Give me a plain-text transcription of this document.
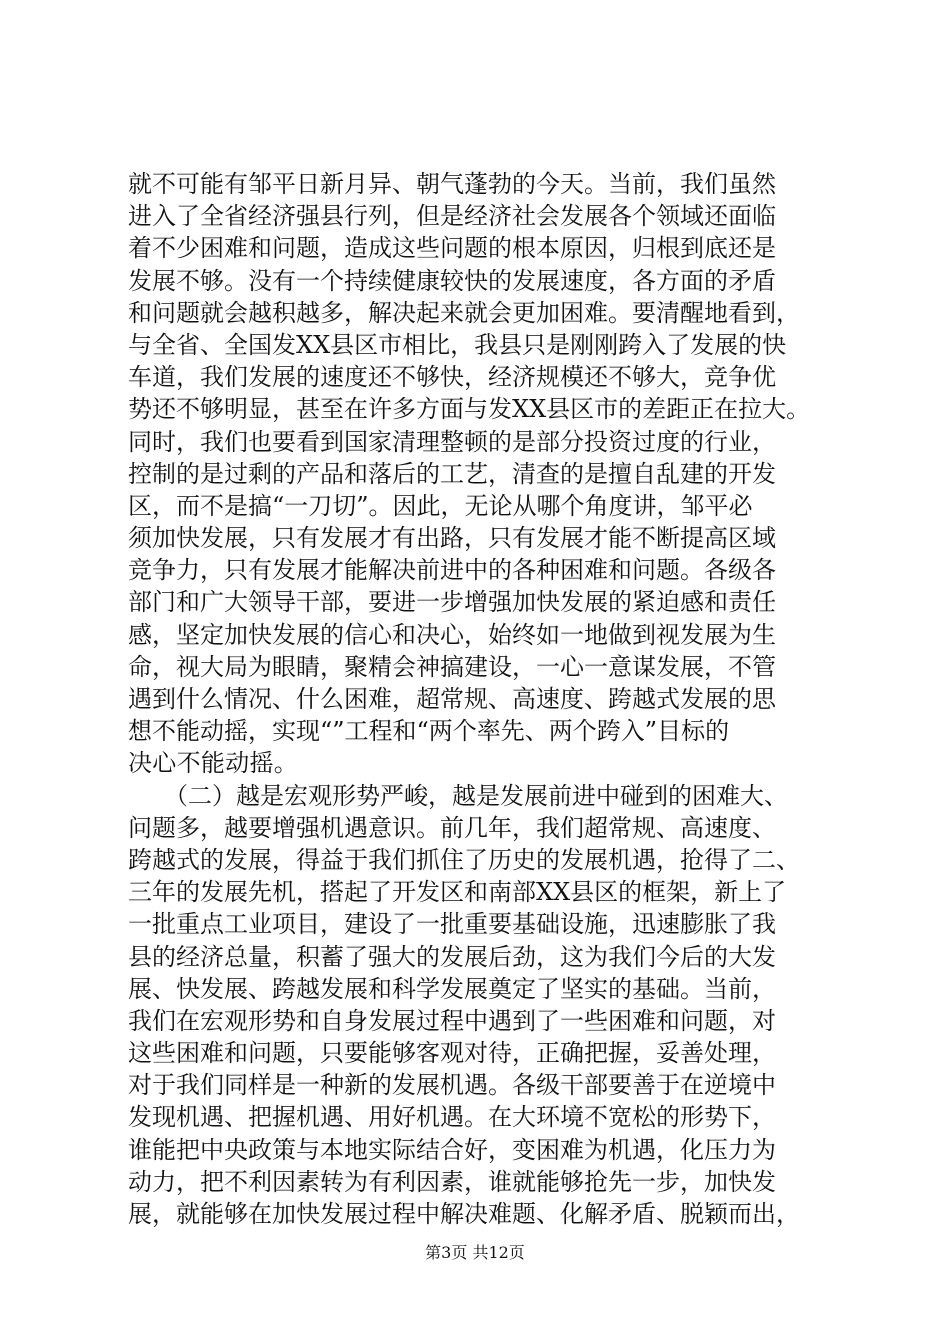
就不可能有邹平日新月异、朝气蓬勃的今天。当前，我们虽然
进入了全省经济强县行列，但是经济社会发展各个领域还面临
着不少困难和问题，造成这些问题的根本原因，归根到底还是
发展不够。没有一个持续健康较快的发展速度，各方面的矛盾
和问题就会越积越多，解决起来就会更加困难。要清醒地看到，
与全省、全国发XX县区市相比，我县只是刚刚跨入了发展的快
车道，我们发展的速度还不够快，经济规模还不够大，竞争优
势还不够明显，甚至在许多方面与发XX县区市的差距正在拉大。
同时，我们也要看到国家清理整顿的是部分投资过度的行业，
控制的是过剩的产品和落后的工艺，清查的是擅自乱建的开发
区，而不是搞“一刀切”。因此，无论从哪个角度讲，邹平必
须加快发展，只有发展才有出路，只有发展才能不断提高区域
竞争力，只有发展才能解决前进中的各种困难和问题。各级各
部门和广大领导干部，要进一步增强加快发展的紧迫感和责任
感，坚定加快发展的信心和决心，始终如一地做到视发展为生
命，视大局为眼睛，聚精会神搞建设，一心一意谋发展，不管
遇到什么情况、什么困难，超常规、高速度、跨越式发展的思
想不能动摇，实现“”工程和“两个率先、两个跨入”目标的
决心不能动摇。
　　（二）越是宏观形势严峻，越是发展前进中碰到的困难大、
问题多，越要增强机遇意识。前几年，我们超常规、高速度、
跨越式的发展，得益于我们抓住了历史的发展机遇，抢得了二、
三年的发展先机，搭起了开发区和南部XX县区的框架，新上了
一批重点工业项目，建设了一批重要基础设施，迅速膨胀了我
县的经济总量，积蓄了强大的发展后劲，这为我们今后的大发
展、快发展、跨越发展和科学发展奠定了坚实的基础。当前，
我们在宏观形势和自身发展过程中遇到了一些困难和问题，对
这些困难和问题，只要能够客观对待，正确把握，妥善处理，
对于我们同样是一种新的发展机遇。各级干部要善于在逆境中
发现机遇、把握机遇、用好机遇。在大环境不宽松的形势下，
谁能把中央政策与本地实际结合好，变困难为机遇，化压力为
动力，把不利因素转为有利因素，谁就能够抢先一步，加快发
展，就能够在加快发展过程中解决难题、化解矛盾、脱颖而出，
第3页 共12页
